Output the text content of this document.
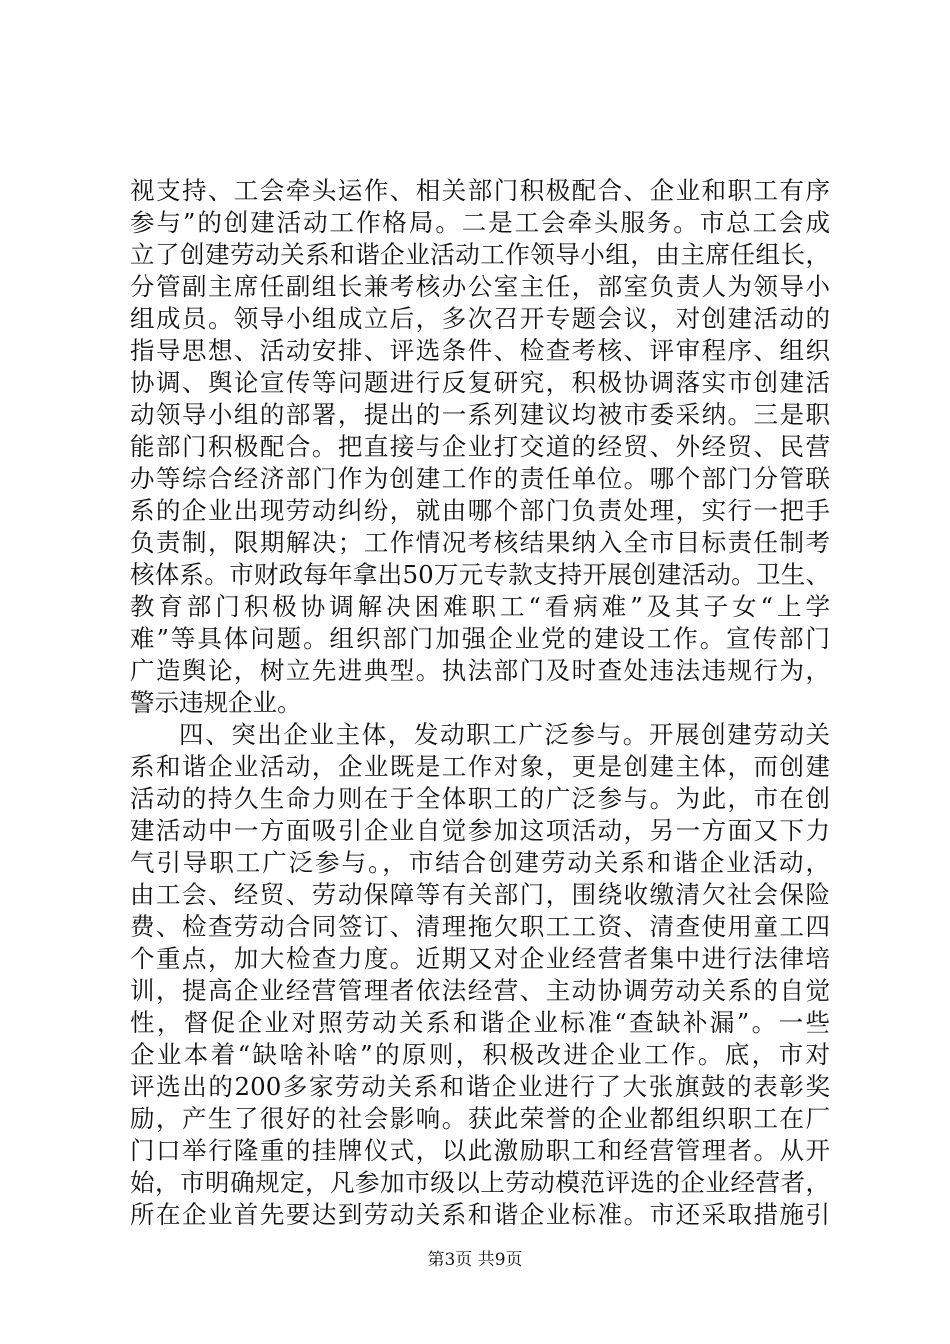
视支持、工会牵头运作、相关部门积极配合、企业和职工有序
参与”的创建活动工作格局。二是工会牵头服务。市总工会成
立了创建劳动关系和谐企业活动工作领导小组，由主席任组长，
分管副主席任副组长兼考核办公室主任，部室负责人为领导小
组成员。领导小组成立后，多次召开专题会议，对创建活动的
指导思想、活动安排、评选条件、检查考核、评审程序、组织
协调、舆论宣传等问题进行反复研究，积极协调落实市创建活
动领导小组的部署，提出的一系列建议均被市委采纳。三是职
能部门积极配合。把直接与企业打交道的经贸、外经贸、民营
办等综合经济部门作为创建工作的责任单位。哪个部门分管联
系的企业出现劳动纠纷，就由哪个部门负责处理，实行一把手
负责制，限期解决；工作情况考核结果纳入全市目标责任制考
核体系。市财政每年拿出50万元专款支持开展创建活动。卫生、
教育部门积极协调解决困难职工“看病难”及其子女“上学
难”等具体问题。组织部门加强企业党的建设工作。宣传部门
广造舆论，树立先进典型。执法部门及时查处违法违规行为，
警示违规企业。
四、突出企业主体，发动职工广泛参与。开展创建劳动关
系和谐企业活动，企业既是工作对象，更是创建主体，而创建
活动的持久生命力则在于全体职工的广泛参与。为此，市在创
建活动中一方面吸引企业自觉参加这项活动，另一方面又下力
气引导职工广泛参与。，市结合创建劳动关系和谐企业活动，
由工会、经贸、劳动保障等有关部门，围绕收缴清欠社会保险
费、检查劳动合同签订、清理拖欠职工工资、清查使用童工四
个重点，加大检查力度。近期又对企业经营者集中进行法律培
训，提高企业经营管理者依法经营、主动协调劳动关系的自觉
性，督促企业对照劳动关系和谐企业标准“查缺补漏”。一些
企业本着“缺啥补啥”的原则，积极改进企业工作。底，市对
评选出的200多家劳动关系和谐企业进行了大张旗鼓的表彰奖
励，产生了很好的社会影响。获此荣誉的企业都组织职工在厂
门口举行隆重的挂牌仪式，以此激励职工和经营管理者。从开
始，市明确规定，凡参加市级以上劳动模范评选的企业经营者，
所在企业首先要达到劳动关系和谐企业标准。市还采取措施引
第3页 共9页
